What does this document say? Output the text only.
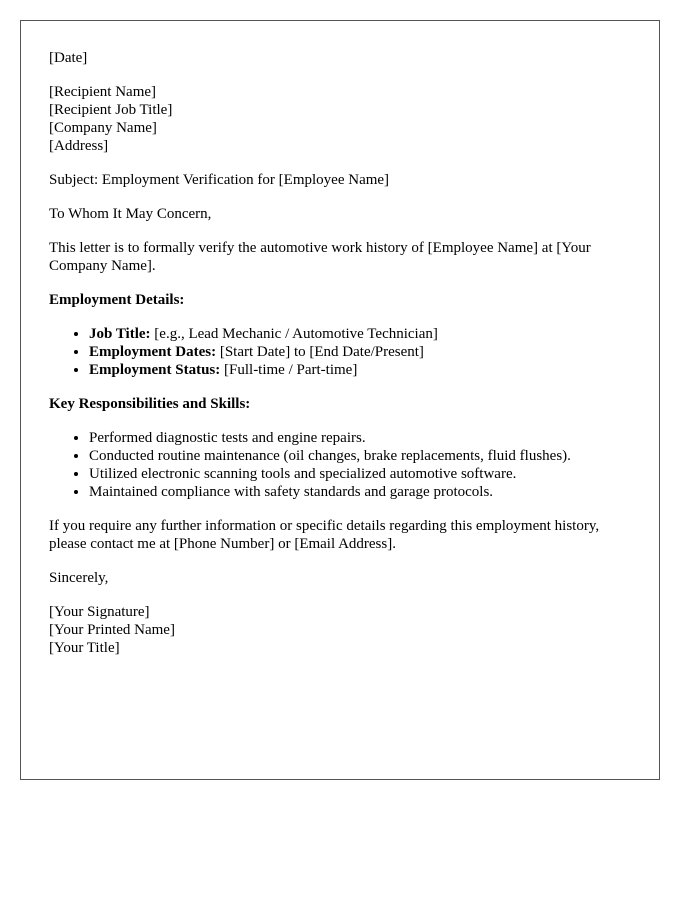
[Date]

[Recipient Name]
[Recipient Job Title]
[Company Name]
[Address]

Subject: Employment Verification for [Employee Name]

To Whom It May Concern,

This letter is to formally verify the automotive work history of [Employee Name] at [Your Company Name].

Employment Details:
• Job Title: [e.g., Lead Mechanic / Automotive Technician]
• Employment Dates: [Start Date] to [End Date/Present]
• Employment Status: [Full-time / Part-time]
Key Responsibilities and Skills:
• Performed diagnostic tests and engine repairs.
• Conducted routine maintenance (oil changes, brake replacements, fluid flushes).
• Utilized electronic scanning tools and specialized automotive software.
• Maintained compliance with safety standards and garage protocols.

If you require any further information or specific details regarding this employment history, please contact me at [Phone Number] or [Email Address].

Sincerely,

[Your Signature]
[Your Printed Name]
[Your Title]
